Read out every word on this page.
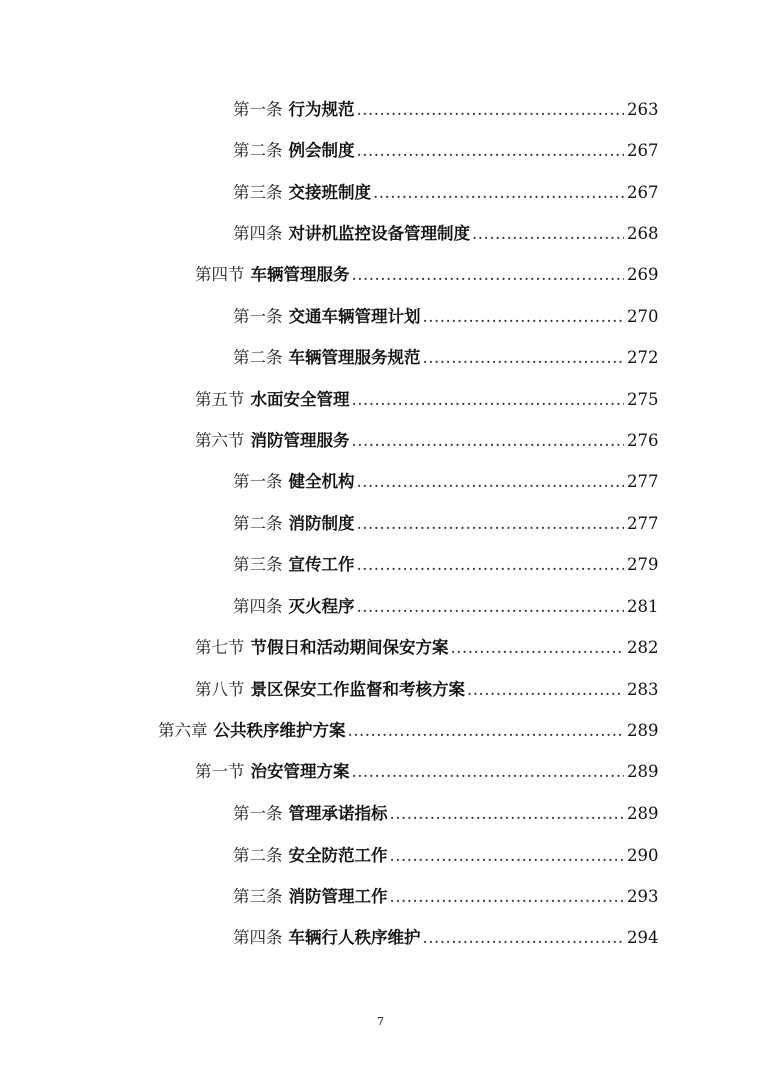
第一条 行为规范 .....	263
第二条 例会制度 .....	267
第三条 交接班制度 .....	267
第四条 对讲机监控设备管理制度 .....	268
第四节 车辆管理服务 .....	269
第一条 交通车辆管理计划 .....	270
第二条 车辆管理服务规范 .....	272
第五节 水面安全管理 .....	275
第六节 消防管理服务 .....	276
第一条 健全机构 .....	277
第二条 消防制度 .....	277
第三条 宣传工作 .....	279
第四条 灭火程序 .....	281
第七节 节假日和活动期间保安方案 .....	282
第八节 景区保安工作监督和考核方案 .....	283
第六章 公共秩序维护方案 .....	289
第一节 治安管理方案 .....	289
第一条 管理承诺指标 .....	289
第二条 安全防范工作 .....	290
第三条 消防管理工作 .....	293
第四条 车辆行人秩序维护 .....	294
7
